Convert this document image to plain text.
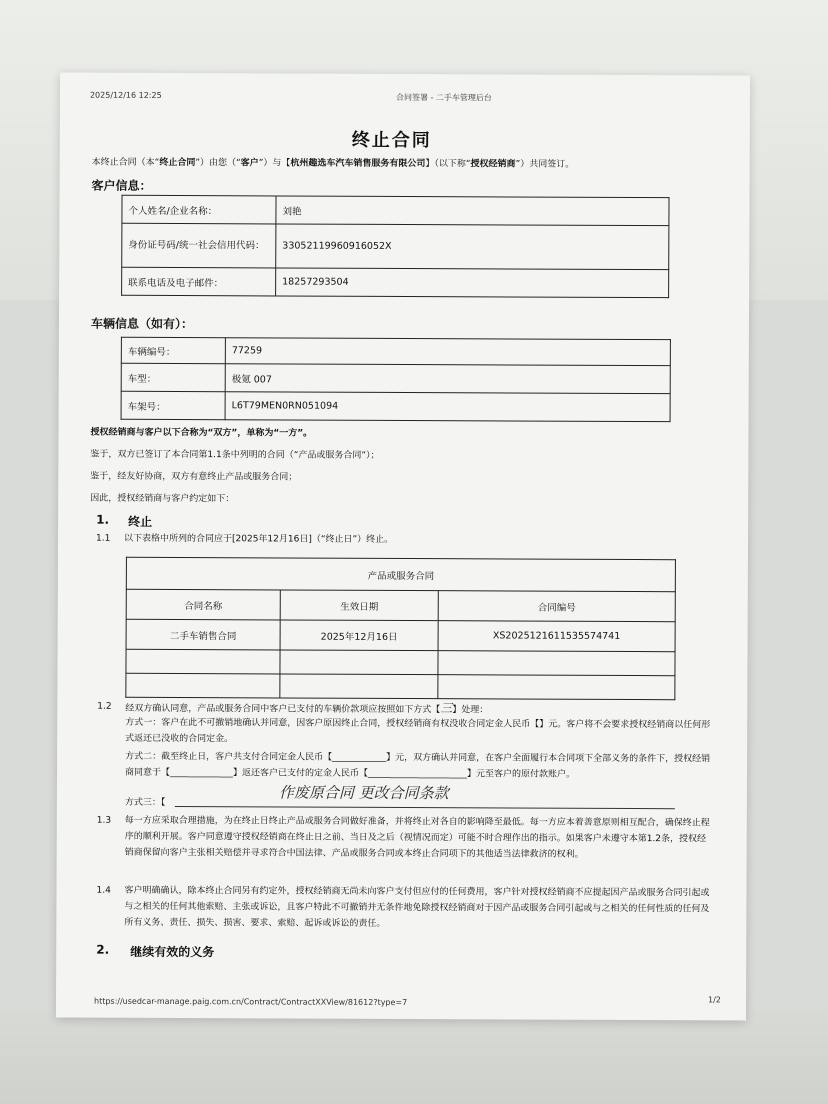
2025/12/16 12:25	合同签署 - 二手车管理后台
终止合同
本终止合同（本“终止合同”）由您（“客户”）与【杭州趣选车汽车销售服务有限公司】（以下称“授权经销商”）共同签订。
客户信息：
个人姓名/企业名称：	刘艳
身份证号码/统一社会信用代码：	33052119960916052X
联系电话及电子邮件：	18257293504
车辆信息（如有）：
车辆编号：	77259
车型：	极氪 007
车架号：	L6T79MEN0RN051094
授权经销商与客户以下合称为“双方”，单称为“一方”。
鉴于，双方已签订了本合同第1.1条中列明的合同（“产品或服务合同”）；
鉴于，经友好协商，双方有意终止产品或服务合同；
因此，授权经销商与客户约定如下：
1. 终止
1.1 以下表格中所列的合同应于[2025年12月16日]（“终止日”）终止。
产品或服务合同		
合同名称	生效日期	合同编号
二手车销售合同	2025年12月16日	XS2025121611535574741

1.2 经双方确认同意，产品或服务合同中客户已支付的车辆价款项应按照如下方式【三】处理：
方式一：客户在此不可撤销地确认并同意，因客户原因终止合同，授权经销商有权没收合同定金人民币【】元。客户将不会要求授权经销商以任何形式返还已没收的合同定金。
方式二：截至终止日，客户共支付合同定金人民币【____________】元，双方确认并同意，在客户全面履行本合同项下全部义务的条件下，授权经销商同意于【______________】返还客户已支付的定金人民币【______________________】元至客户的原付款账户。
方式三：【
作废原合同 更改合同条款
1.3 每一方应采取合理措施，为在终止日终止产品或服务合同做好准备，并将终止对各自的影响降至最低。每一方应本着善意原则相互配合，确保终止程序的顺利开展。客户同意遵守授权经销商在终止日之前、当日及之后（视情况而定）可能不时合理作出的指示。如果客户未遵守本第1.2条，授权经销商保留向客户主张相关赔偿并寻求符合中国法律、产品或服务合同或本终止合同项下的其他适当法律救济的权利。
1.4 客户明确确认，除本终止合同另有约定外，授权经销商无尚未向客户支付但应付的任何费用，客户针对授权经销商不应提起因产品或服务合同引起或与之相关的任何其他索赔、主张或诉讼，且客户特此不可撤销并无条件地免除授权经销商对于因产品或服务合同引起或与之相关的任何性质的任何及所有义务、责任、损失、损害、要求、索赔、起诉或诉讼的责任。
2. 继续有效的义务
https://usedcar-manage.paig.com.cn/Contract/ContractXXView/81612?type=7	1/2
